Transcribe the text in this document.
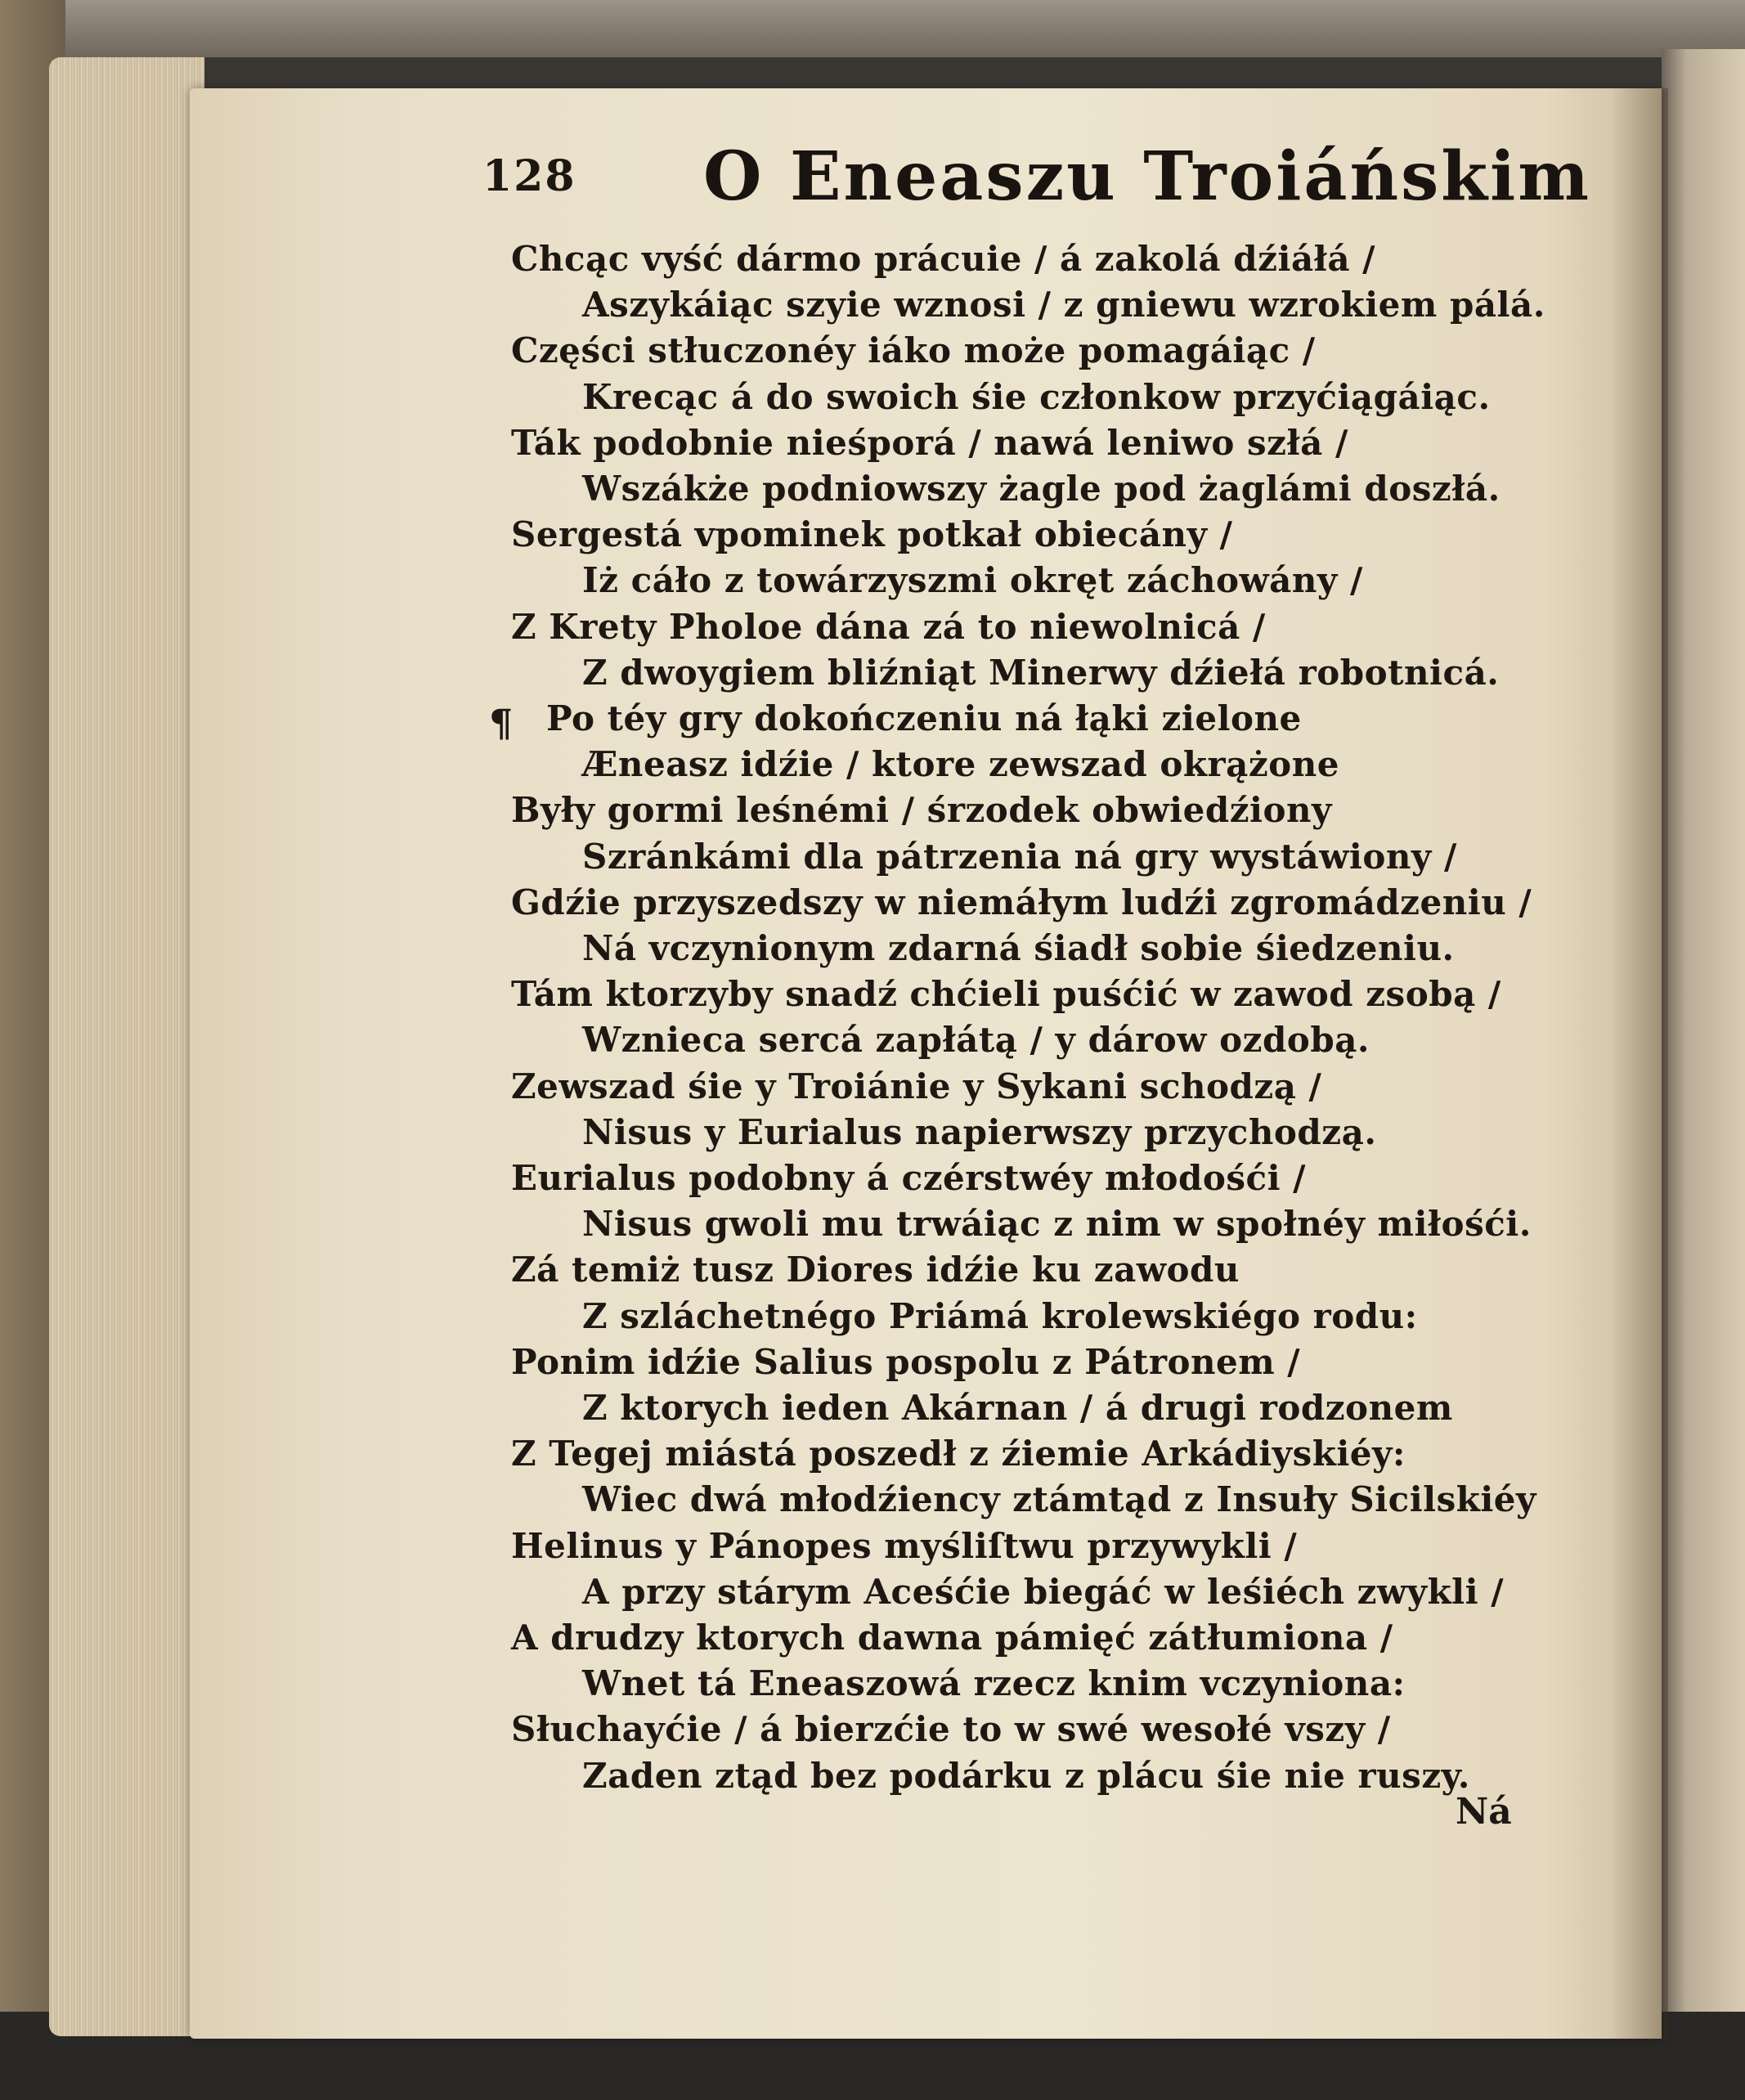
128 O Eneaszu Troiáńskim
¶
Chcąc vyść dármo prácuie / á zakolá dźiáłá /
Aszykáiąc szyie wznosi / z gniewu wzrokiem pálá.
Części stłuczonéy iáko może pomagáiąc /
Krecąc á do swoich śie członkow przyćiągáiąc.
Ták podobnie nieśporá / nawá leniwo szłá /
Wszákże podniowszy żagle pod żaglámi doszłá.
Sergestá vpominek potkał obiecány /
Iż cáło z towárzyszmi okręt záchowány /
Z Krety Pholoe dána zá to niewolnicá /
Z dwoygiem bliźniąt Minerwy dźiełá robotnicá.
Po téy gry dokończeniu ná łąki zielone
Æneasz idźie / ktore zewszad okrążone
Były gormi leśnémi / śrzodek obwiedźiony
Szránkámi dla pátrzenia ná gry wystáwiony /
Gdźie przyszedszy w niemáłym ludźi zgromádzeniu /
Ná vczynionym zdarná śiadł sobie śiedzeniu.
Tám ktorzyby snadź chćieli puśćić w zawod zsobą /
Wznieca sercá zapłátą / y dárow ozdobą.
Zewszad śie y Troiánie y Sykani schodzą /
Nisus y Eurialus napierwszy przychodzą.
Eurialus podobny á czérstwéy młodośći /
Nisus gwoli mu trwáiąc z nim w społnéy miłośći.
Zá temiż tusz Diores idźie ku zawodu
Z szláchetnégo Priámá krolewskiégo rodu:
Ponim idźie Salius pospolu z Pátronem /
Z ktorych ieden Akárnan / á drugi rodzonem
Z Tegej miástá poszedł z źiemie Arkádiyskiéy:
Wiec dwá młodźiency ztámtąd z Insuły Sicilskiéy
Helinus y Pánopes myśliſtwu przywykli /
A przy stárym Aceśćie biegáć w leśiéch zwykli /
A drudzy ktorych dawna pámięć zátłumiona /
Wnet tá Eneaszowá rzecz knim vczyniona:
Słuchayćie / á bierzćie to w swé wesołé vszy /
Zaden ztąd bez podárku z plácu śie nie ruszy.
Ná
